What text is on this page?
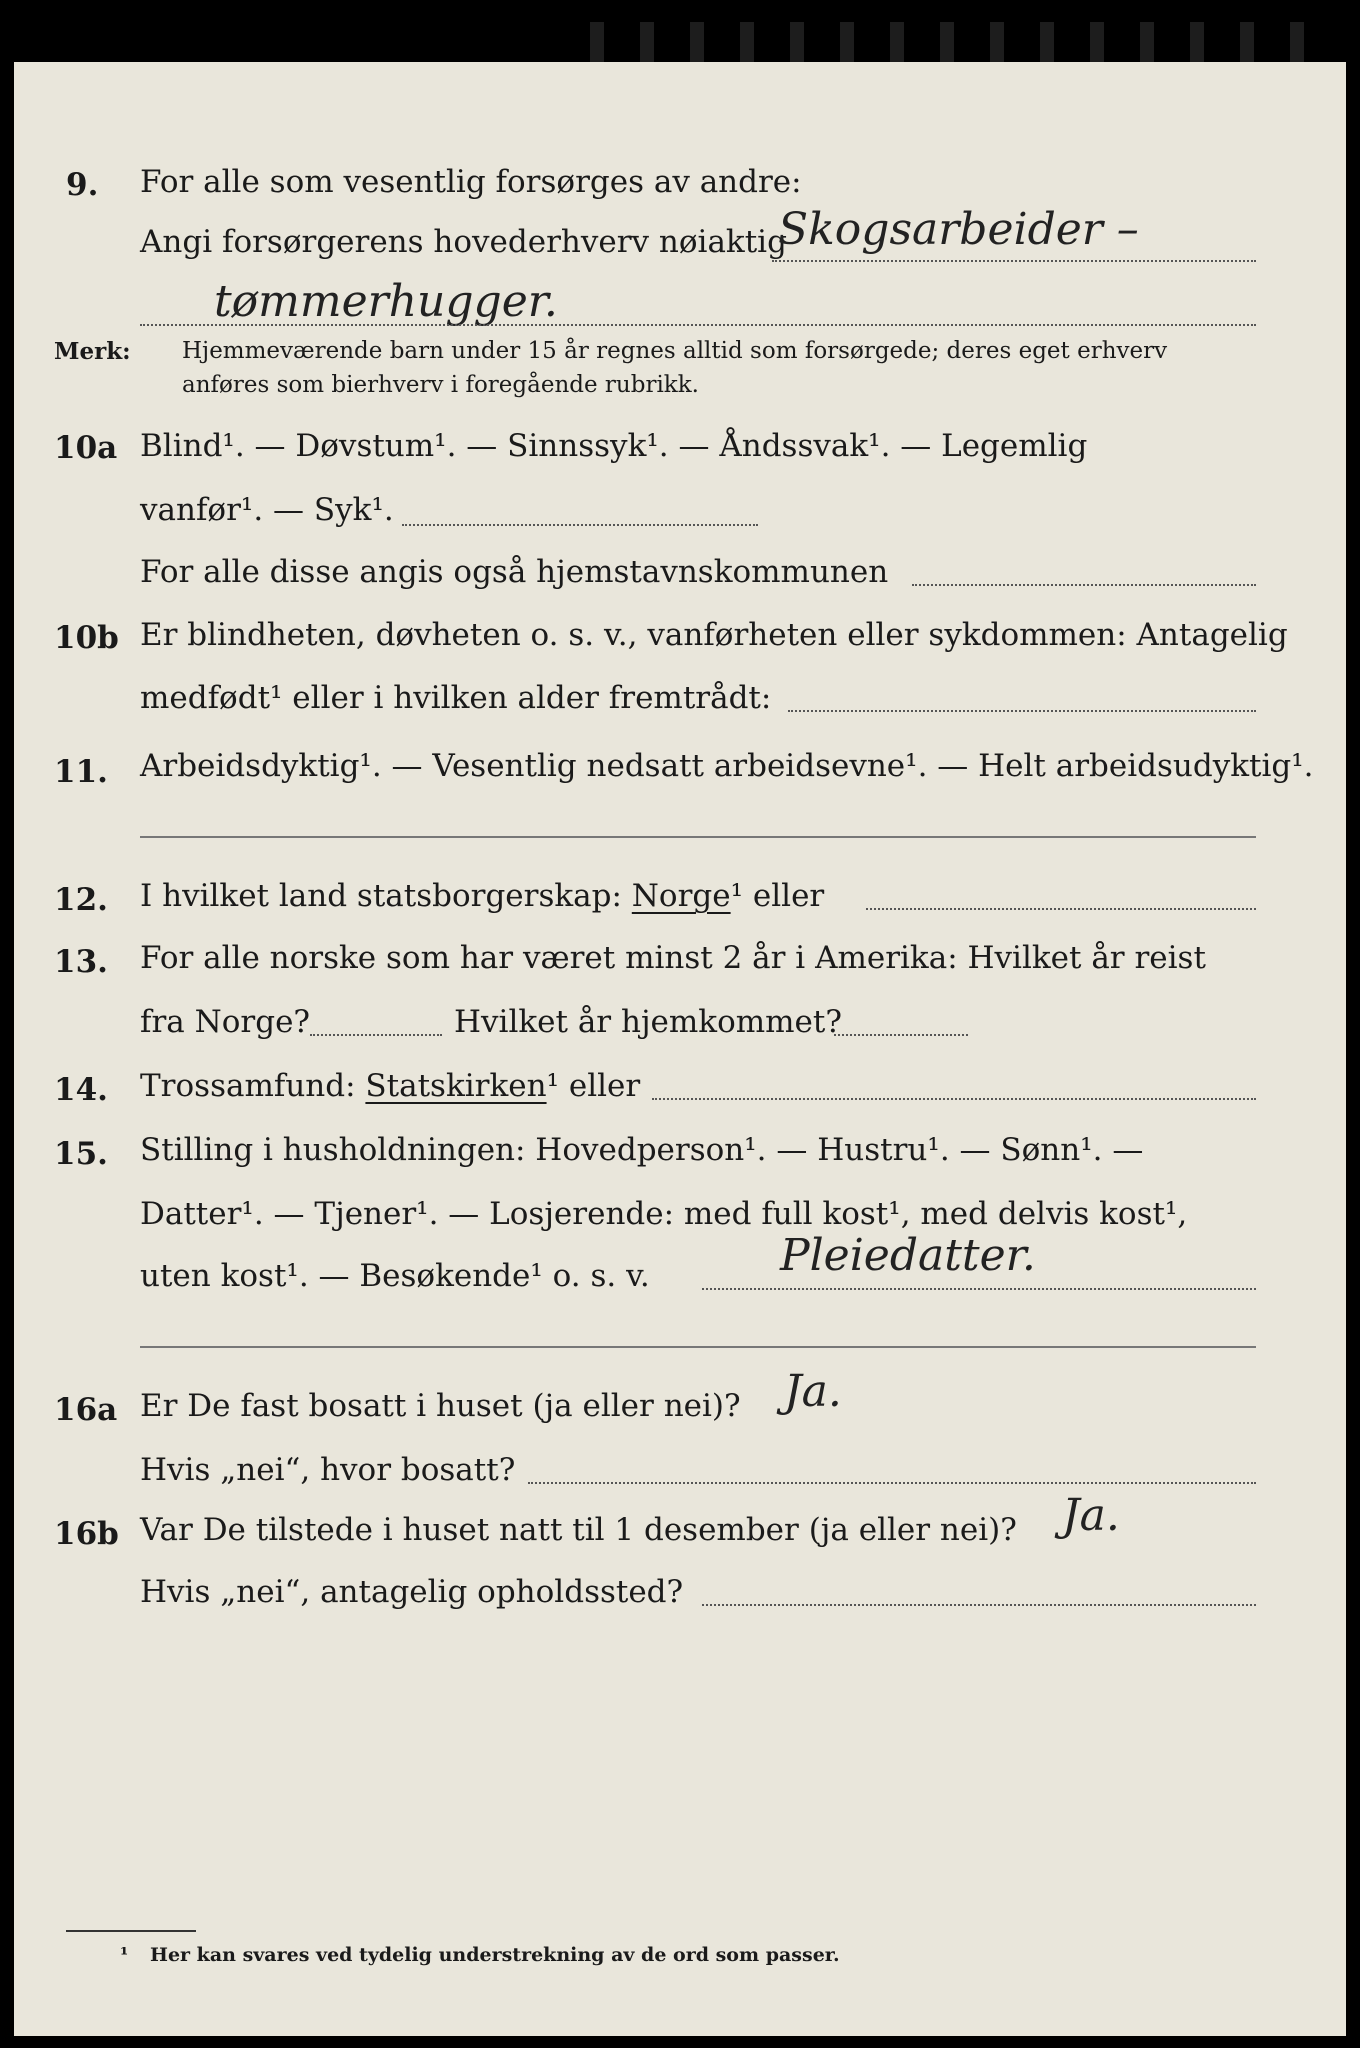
9. For alle som vesentlig forsørges av andre:
Angi forsørgerens hovederhverv nøiaktig
Skogsarbeider –
tømmerhugger.
Merk: Hjemmeværende barn under 15 år regnes alltid som forsørgede; deres eget erhverv
anføres som bierhverv i foregående rubrikk.
10a Blind¹. — Døvstum¹. — Sinnssyk¹. — Åndssvak¹. — Legemlig
vanfør¹. — Syk¹.
For alle disse angis også hjemstavnskommunen
10b Er blindheten, døvheten o. s. v., vanførheten eller sykdommen: Antagelig
medfødt¹ eller i hvilken alder fremtrådt:
11. Arbeidsdyktig¹. — Vesentlig nedsatt arbeidsevne¹. — Helt arbeidsudyktig¹.
12. I hvilket land statsborgerskap: Norge¹ eller
13. For alle norske som har været minst 2 år i Amerika: Hvilket år reist
fra Norge?	Hvilket år hjemkommet?
14. Trossamfund: Statskirken¹ eller
15. Stilling i husholdningen: Hovedperson¹. — Hustru¹. — Sønn¹. —
Datter¹. — Tjener¹. — Losjerende: med full kost¹, med delvis kost¹,
uten kost¹. — Besøkende¹ o. s. v.	Pleiedatter.
16a Er De fast bosatt i huset (ja eller nei)? Ja.
Hvis „nei“, hvor bosatt?
16b Var De tilstede i huset natt til 1 desember (ja eller nei)? Ja.
Hvis „nei“, antagelig opholdssted?
¹ Her kan svares ved tydelig understrekning av de ord som passer.
